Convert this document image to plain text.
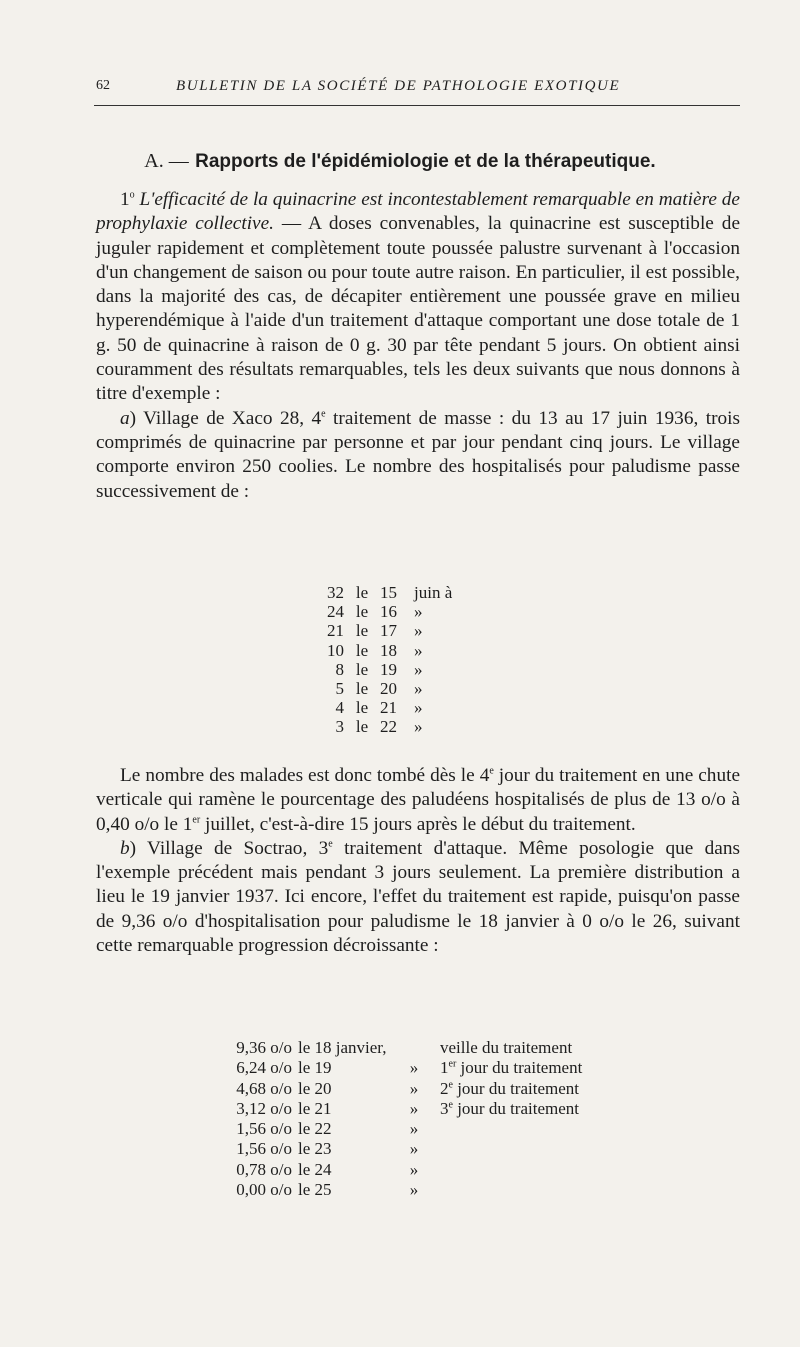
62	BULLETIN DE LA SOCIÉTÉ DE PATHOLOGIE EXOTIQUE
A. — Rapports de l'épidémiologie et de la thérapeutique.

1$^o$ L'efficacité de la quinacrine est incontestablement remarquable en matière de prophylaxie collective. — A doses convenables, la quinacrine est susceptible de juguler rapidement et complètement toute poussée palustre survenant à l'occasion d'un changement de saison ou pour toute autre raison. En particulier, il est possible, dans la majorité des cas, de décapiter entièrement une poussée grave en milieu hyperendémique à l'aide d'un traitement d'attaque comportant une dose totale de 1 g. 50 de quinacrine à raison de 0 g. 30 par tête pendant 5 jours. On obtient ainsi couramment des résultats remarquables, tels les deux suivants que nous donnons à titre d'exemple :

a) Village de Xaco 28, 4e traitement de masse : du 13 au 17 juin 1936, trois comprimés de quinacrine par personne et par jour pendant cinq jours. Le village comporte environ 250 coolies. Le nombre des hospitalisés pour paludisme passe successivement de :

32 le 15	juin à
24 le 16	»
21 le 17	»
10 le 18	»
8 le 19	»
5 le 20	»
4 le 21	»
3 le 22	»

Le nombre des malades est donc tombé dès le 4e jour du traitement en une chute verticale qui ramène le pourcentage des paludéens hospitalisés de plus de 13 o/o à 0,40 o/o le 1er juillet, c'est-à-dire 15 jours après le début du traitement.

b) Village de Soctrao, 3e traitement d'attaque. Même posologie que dans l'exemple précédent mais pendant 3 jours seulement. La première distribution a lieu le 19 janvier 1937. Ici encore, l'effet du traitement est rapide, puisqu'on passe de 9,36 o/o d'hospitalisation pour paludisme le 18 janvier à 0 o/o le 26, suivant cette remarquable progression décroissante :

9,36 o/o le 18 janvier,	veille du traitement
6,24 o/o le 19	»	1er jour du traitement
4,68 o/o le 20	»	2e jour du traitement
3,12 o/o le 21	»	3e jour du traitement
1,56 o/o le 22	»
1,56 o/o le 23	»
0,78 o/o le 24	»
0,00 o/o le 25	»
